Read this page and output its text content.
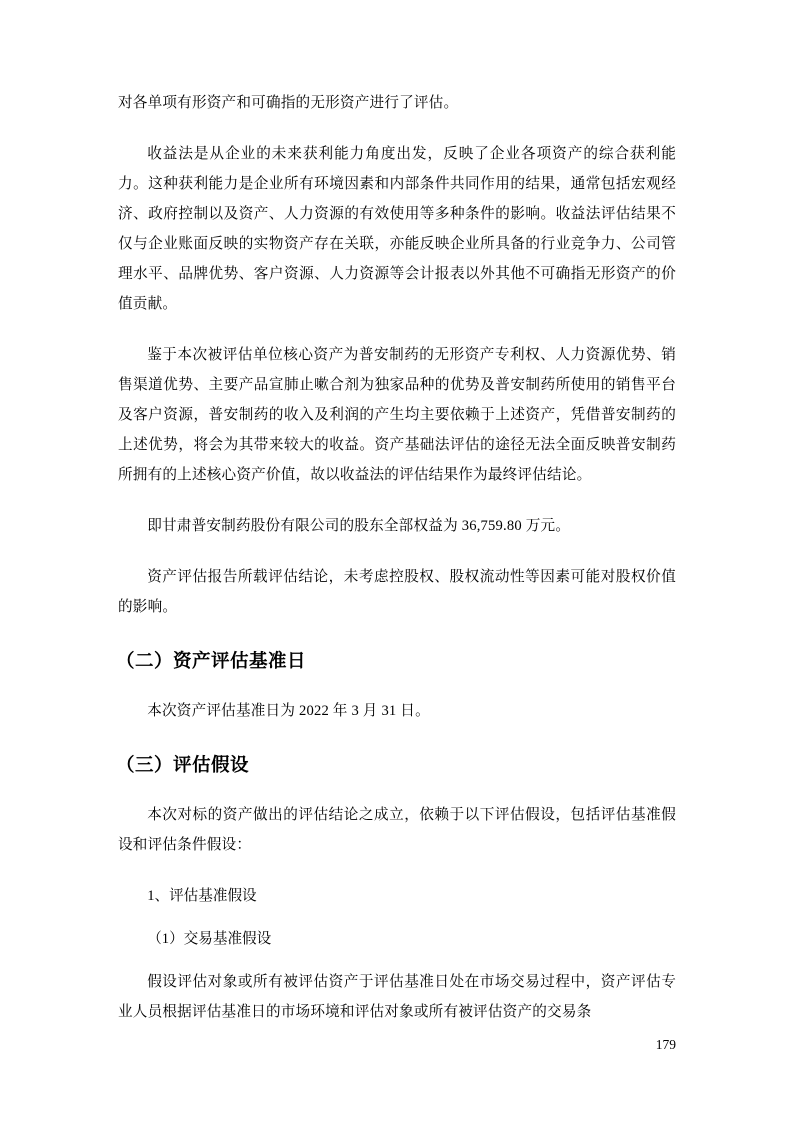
对各单项有形资产和可确指的无形资产进行了评估。

收益法是从企业的未来获利能力角度出发，反映了企业各项资产的综合获利能力。这种获利能力是企业所有环境因素和内部条件共同作用的结果，通常包括宏观经济、政府控制以及资产、人力资源的有效使用等多种条件的影响。收益法评估结果不仅与企业账面反映的实物资产存在关联，亦能反映企业所具备的行业竞争力、公司管理水平、品牌优势、客户资源、人力资源等会计报表以外其他不可确指无形资产的价值贡献。

鉴于本次被评估单位核心资产为普安制药的无形资产专利权、人力资源优势、销售渠道优势、主要产品宣肺止嗽合剂为独家品种的优势及普安制药所使用的销售平台及客户资源，普安制药的收入及利润的产生均主要依赖于上述资产，凭借普安制药的上述优势，将会为其带来较大的收益。资产基础法评估的途径无法全面反映普安制药所拥有的上述核心资产价值，故以收益法的评估结果作为最终评估结论。

即甘肃普安制药股份有限公司的股东全部权益为 36,759.80 万元。

资产评估报告所载评估结论，未考虑控股权、股权流动性等因素可能对股权价值的影响。

（二）资产评估基准日

本次资产评估基准日为 2022 年 3 月 31 日。

（三）评估假设

本次对标的资产做出的评估结论之成立，依赖于以下评估假设，包括评估基准假设和评估条件假设：

1、评估基准假设

（1）交易基准假设

假设评估对象或所有被评估资产于评估基准日处在市场交易过程中，资产评估专业人员根据评估基准日的市场环境和评估对象或所有被评估资产的交易条

179
